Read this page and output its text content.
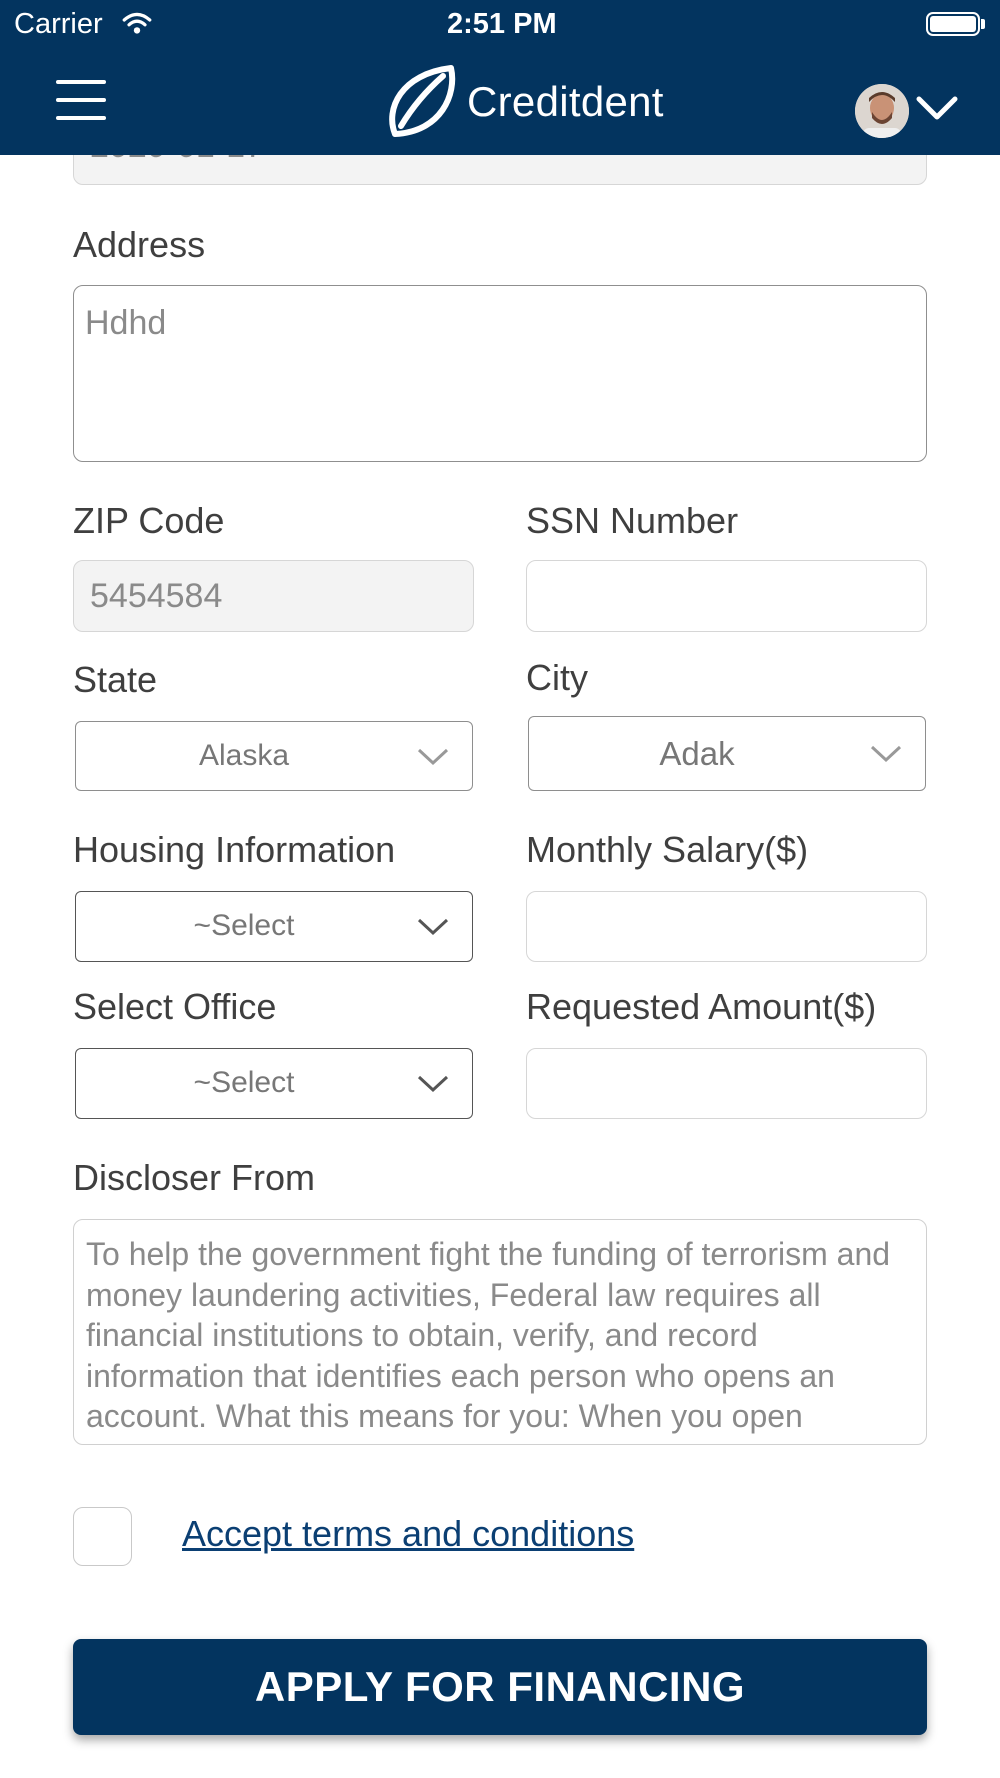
Address
Hdhd
ZIP Code
5454584
SSN Number
State
Alaska
City
Adak
Housing Information
~Select
Monthly Salary($)
Select Office
~Select
Requested Amount($)
Discloser From
To help the government fight the funding of terrorism and money laundering activities, Federal law requires all financial institutions to obtain, verify, and record information that identifies each person who opens an account. What this means for you: When you open
Accept terms and conditions
APPLY FOR FINANCING
Carrier	2:51 PM
Creditdent
